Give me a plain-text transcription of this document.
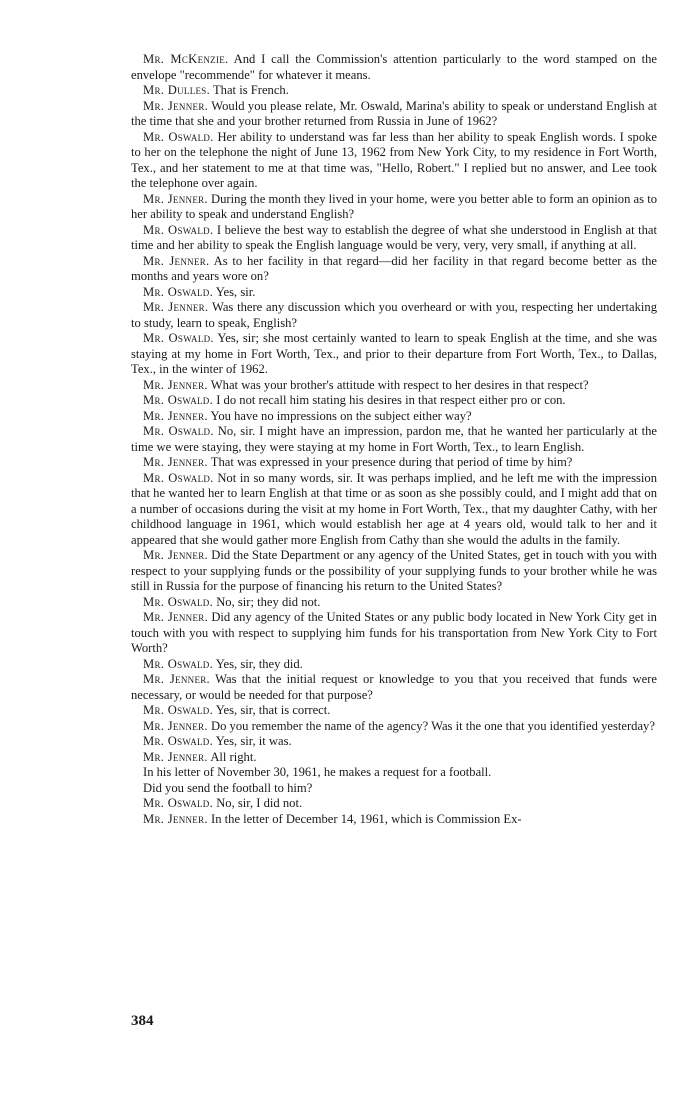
Mr. McKenzie. And I call the Commission's attention particularly to the word stamped on the envelope "recommende" for whatever it means.

Mr. Dulles. That is French.

Mr. Jenner. Would you please relate, Mr. Oswald, Marina's ability to speak or understand English at the time that she and your brother returned from Russia in June of 1962?

Mr. Oswald. Her ability to understand was far less than her ability to speak English words. I spoke to her on the telephone the night of June 13, 1962 from New York City, to my residence in Fort Worth, Tex., and her statement to me at that time was, "Hello, Robert." I replied but no answer, and Lee took the telephone over again.

Mr. Jenner. During the month they lived in your home, were you better able to form an opinion as to her ability to speak and understand English?

Mr. Oswald. I believe the best way to establish the degree of what she understood in English at that time and her ability to speak the English language would be very, very, very small, if anything at all.

Mr. Jenner. As to her facility in that regard—did her facility in that regard become better as the months and years wore on?

Mr. Oswald. Yes, sir.

Mr. Jenner. Was there any discussion which you overheard or with you, respecting her undertaking to study, learn to speak, English?

Mr. Oswald. Yes, sir; she most certainly wanted to learn to speak English at the time, and she was staying at my home in Fort Worth, Tex., and prior to their departure from Fort Worth, Tex., to Dallas, Tex., in the winter of 1962.

Mr. Jenner. What was your brother's attitude with respect to her desires in that respect?

Mr. Oswald. I do not recall him stating his desires in that respect either pro or con.

Mr. Jenner. You have no impressions on the subject either way?

Mr. Oswald. No, sir. I might have an impression, pardon me, that he wanted her particularly at the time we were staying, they were staying at my home in Fort Worth, Tex., to learn English.

Mr. Jenner. That was expressed in your presence during that period of time by him?

Mr. Oswald. Not in so many words, sir. It was perhaps implied, and he left me with the impression that he wanted her to learn English at that time or as soon as she possibly could, and I might add that on a number of occasions during the visit at my home in Fort Worth, Tex., that my daughter Cathy, with her childhood language in 1961, which would establish her age at 4 years old, would talk to her and it appeared that she would gather more English from Cathy than she would the adults in the family.

Mr. Jenner. Did the State Department or any agency of the United States, get in touch with you with respect to your supplying funds or the possibility of your supplying funds to your brother while he was still in Russia for the purpose of financing his return to the United States?

Mr. Oswald. No, sir; they did not.

Mr. Jenner. Did any agency of the United States or any public body located in New York City get in touch with you with respect to supplying him funds for his transportation from New York City to Fort Worth?

Mr. Oswald. Yes, sir, they did.

Mr. Jenner. Was that the initial request or knowledge to you that you received that funds were necessary, or would be needed for that purpose?

Mr. Oswald. Yes, sir, that is correct.

Mr. Jenner. Do you remember the name of the agency? Was it the one that you identified yesterday?

Mr. Oswald. Yes, sir, it was.

Mr. Jenner. All right.

In his letter of November 30, 1961, he makes a request for a football.

Did you send the football to him?

Mr. Oswald. No, sir, I did not.

Mr. Jenner. In the letter of December 14, 1961, which is Commission Ex-

384
